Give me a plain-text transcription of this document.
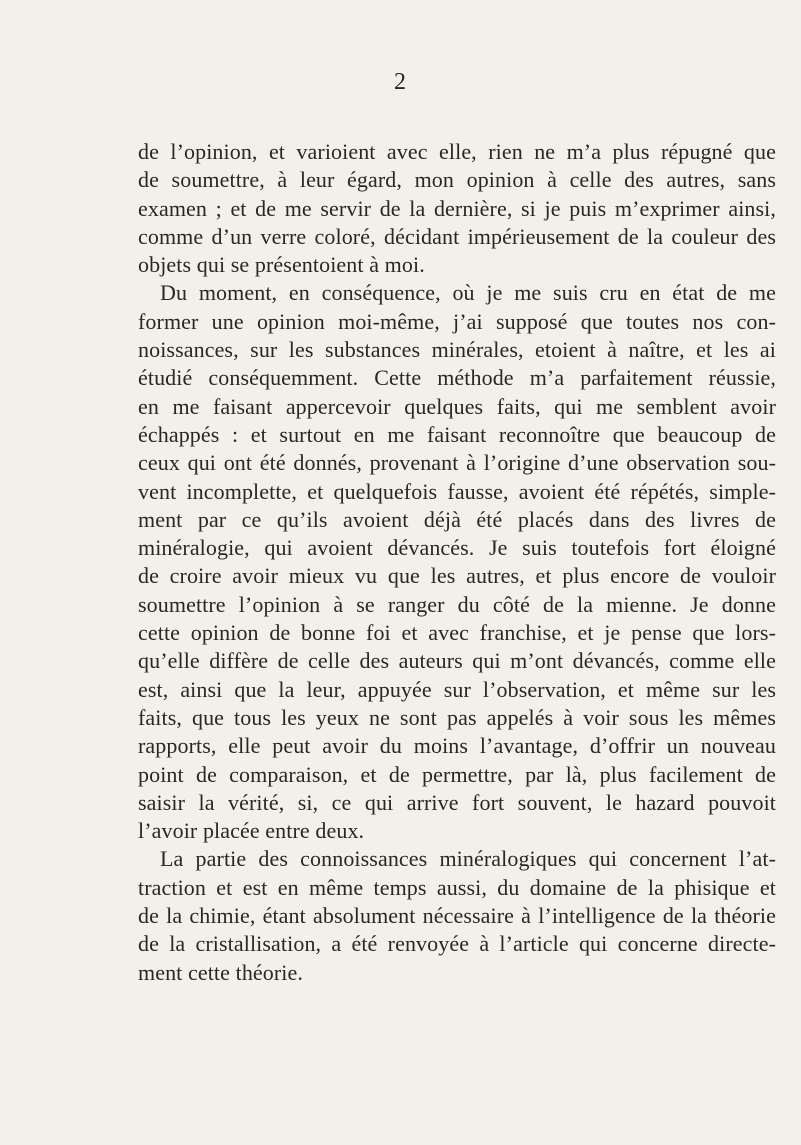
2
de l’opinion, et varioient avec elle, rien ne m’a plus répugné que
de soumettre, à leur égard, mon opinion à celle des autres, sans
examen ; et de me servir de la dernière, si je puis m’exprimer ainsi,
comme d’un verre coloré, décidant impérieusement de la couleur des
objets qui se présentoient à moi.
Du moment, en conséquence, où je me suis cru en état de me
former une opinion moi-même, j’ai supposé que toutes nos con-
noissances, sur les substances minérales, etoient à naître, et les ai
étudié conséquemment. Cette méthode m’a parfaitement réussie,
en me faisant appercevoir quelques faits, qui me semblent avoir
échappés : et surtout en me faisant reconnoître que beaucoup de
ceux qui ont été donnés, provenant à l’origine d’une observation sou-
vent incomplette, et quelquefois fausse, avoient été répétés, simple-
ment par ce qu’ils avoient déjà été placés dans des livres de
minéralogie, qui avoient dévancés. Je suis toutefois fort éloigné
de croire avoir mieux vu que les autres, et plus encore de vouloir
soumettre l’opinion à se ranger du côté de la mienne. Je donne
cette opinion de bonne foi et avec franchise, et je pense que lors-
qu’elle diffère de celle des auteurs qui m’ont dévancés, comme elle
est, ainsi que la leur, appuyée sur l’observation, et même sur les
faits, que tous les yeux ne sont pas appelés à voir sous les mêmes
rapports, elle peut avoir du moins l’avantage, d’offrir un nouveau
point de comparaison, et de permettre, par là, plus facilement de
saisir la vérité, si, ce qui arrive fort souvent, le hazard pouvoit
l’avoir placée entre deux.
La partie des connoissances minéralogiques qui concernent l’at-
traction et est en même temps aussi, du domaine de la phisique et
de la chimie, étant absolument nécessaire à l’intelligence de la théorie
de la cristallisation, a été renvoyée à l’article qui concerne directe-
ment cette théorie.
